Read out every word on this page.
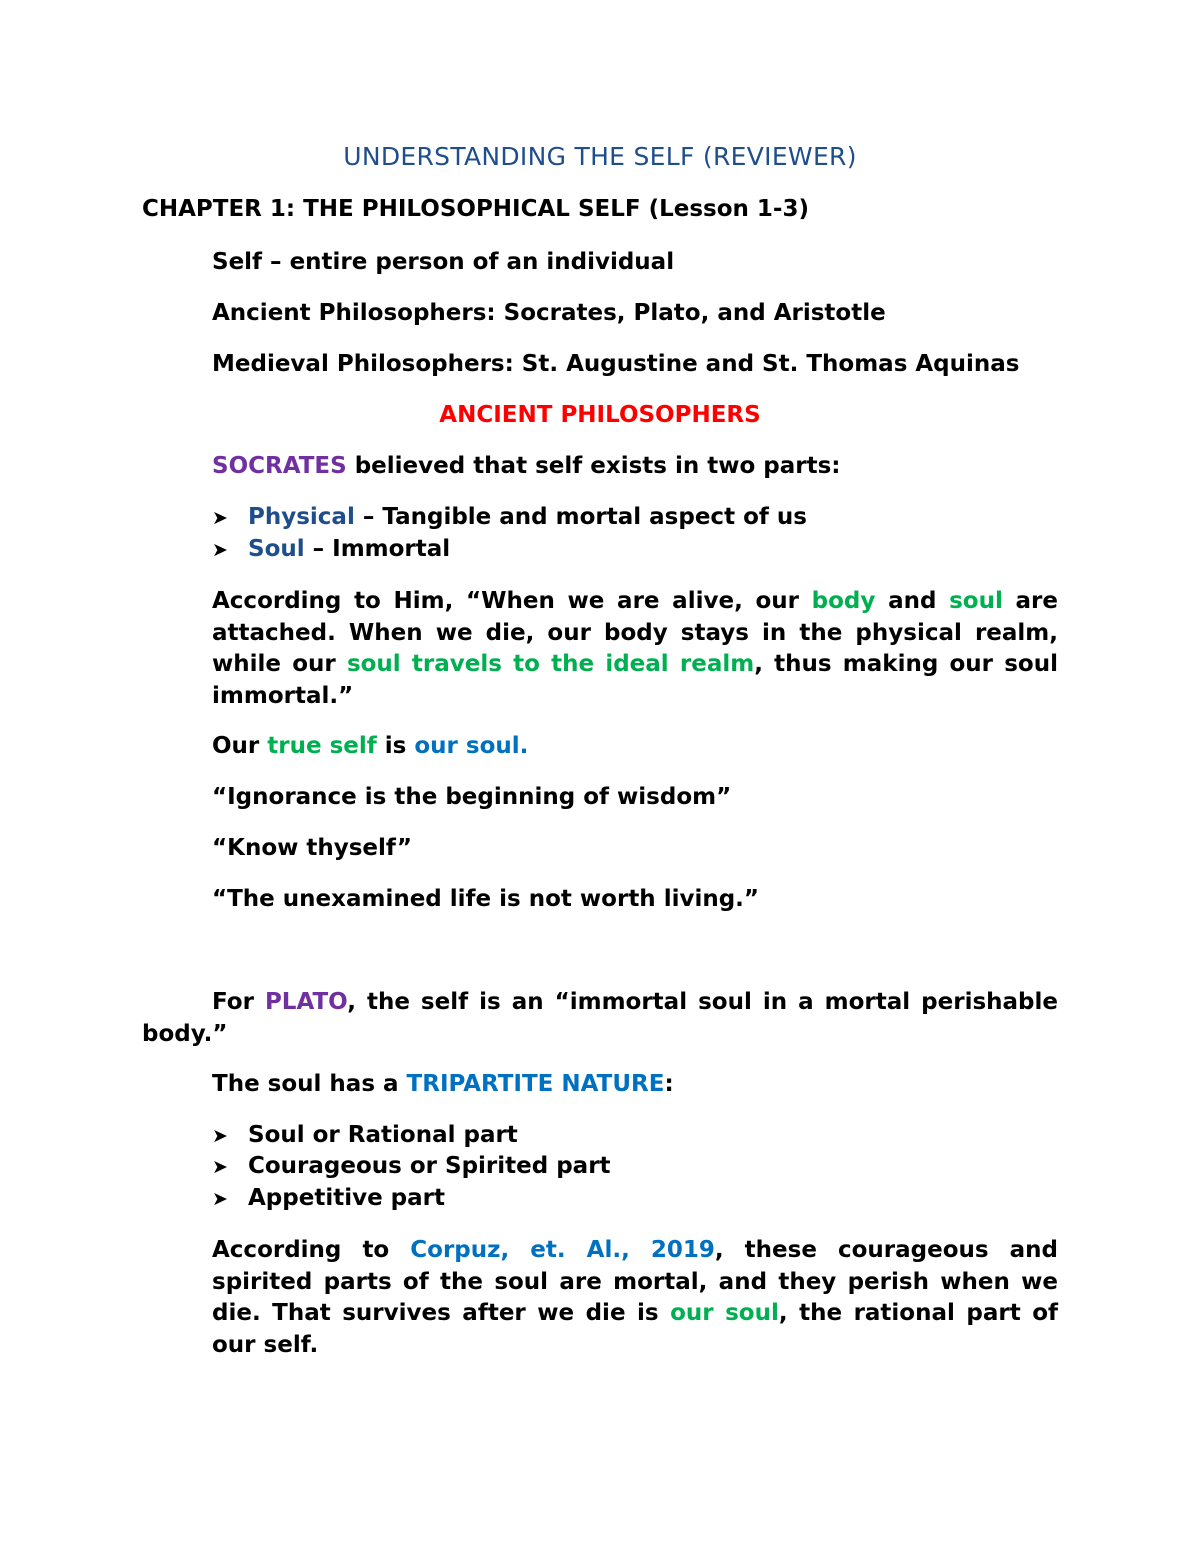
UNDERSTANDING THE SELF (REVIEWER)
CHAPTER 1: THE PHILOSOPHICAL SELF (Lesson 1-3)
Self – entire person of an individual
Ancient Philosophers: Socrates, Plato, and Aristotle
Medieval Philosophers: St. Augustine and St. Thomas Aquinas
ANCIENT PHILOSOPHERS
SOCRATES believed that self exists in two parts:
➤ Physical – Tangible and mortal aspect of us
➤ Soul – Immortal
According to Him, “When we are alive, our body and soul are attached. When we die, our body stays in the physical realm, while our soul travels to the ideal realm, thus making our soul immortal.”
Our true self is our soul.
“Ignorance is the beginning of wisdom”
“Know thyself”
“The unexamined life is not worth living.”
For PLATO, the self is an “immortal soul in a mortal perishable body.”
The soul has a TRIPARTITE NATURE:
➤ Soul or Rational part
➤ Courageous or Spirited part
➤ Appetitive part
According to Corpuz, et. Al., 2019, these courageous and spirited parts of the soul are mortal, and they perish when we die. That survives after we die is our soul, the rational part of our self.
